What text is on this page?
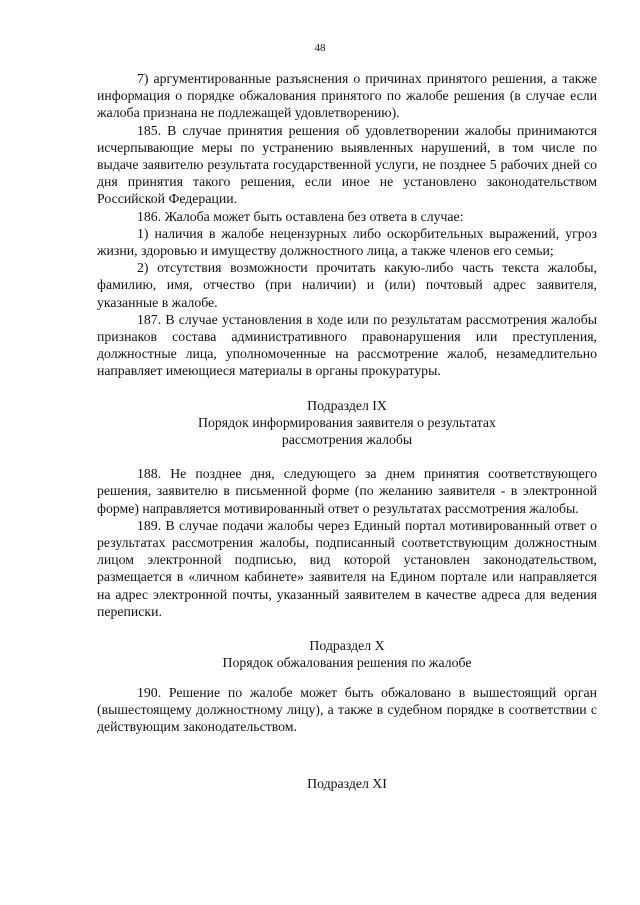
48

7) аргументированные разъяснения о причинах принятого решения, а также информация о порядке обжалования принятого по жалобе решения (в случае если жалоба признана не подлежащей удовлетворению).

185. В случае принятия решения об удовлетворении жалобы принимаются исчерпывающие меры по устранению выявленных нарушений, в том числе по выдаче заявителю результата государственной услуги, не позднее 5 рабочих дней со дня принятия такого решения, если иное не установлено законодательством Российской Федерации.

186. Жалоба может быть оставлена без ответа в случае:

1) наличия в жалобе нецензурных либо оскорбительных выражений, угроз жизни, здоровью и имуществу должностного лица, а также членов его семьи;

2) отсутствия возможности прочитать какую-либо часть текста жалобы, фамилию, имя, отчество (при наличии) и (или) почтовый адрес заявителя, указанные в жалобе.

187. В случае установления в ходе или по результатам рассмотрения жалобы признаков состава административного правонарушения или преступления, должностные лица, уполномоченные на рассмотрение жалоб, незамедлительно направляет имеющиеся материалы в органы прокуратуры.

Подраздел IX

Порядок информирования заявителя о результатах

рассмотрения жалобы

188. Не позднее дня, следующего за днем принятия соответствующего решения, заявителю в письменной форме (по желанию заявителя - в электронной форме) направляется мотивированный ответ о результатах рассмотрения жалобы.

189. В случае подачи жалобы через Единый портал мотивированный ответ о результатах рассмотрения жалобы, подписанный соответствующим должностным лицом электронной подписью, вид которой установлен законодательством, размещается в «личном кабинете» заявителя на Едином портале или направляется на адрес электронной почты, указанный заявителем в качестве адреса для ведения переписки.

Подраздел X

Порядок обжалования решения по жалобе

190. Решение по жалобе может быть обжаловано в вышестоящий орган (вышестоящему должностному лицу), а также в судебном порядке в соответствии с действующим законодательством.

Подраздел XI
